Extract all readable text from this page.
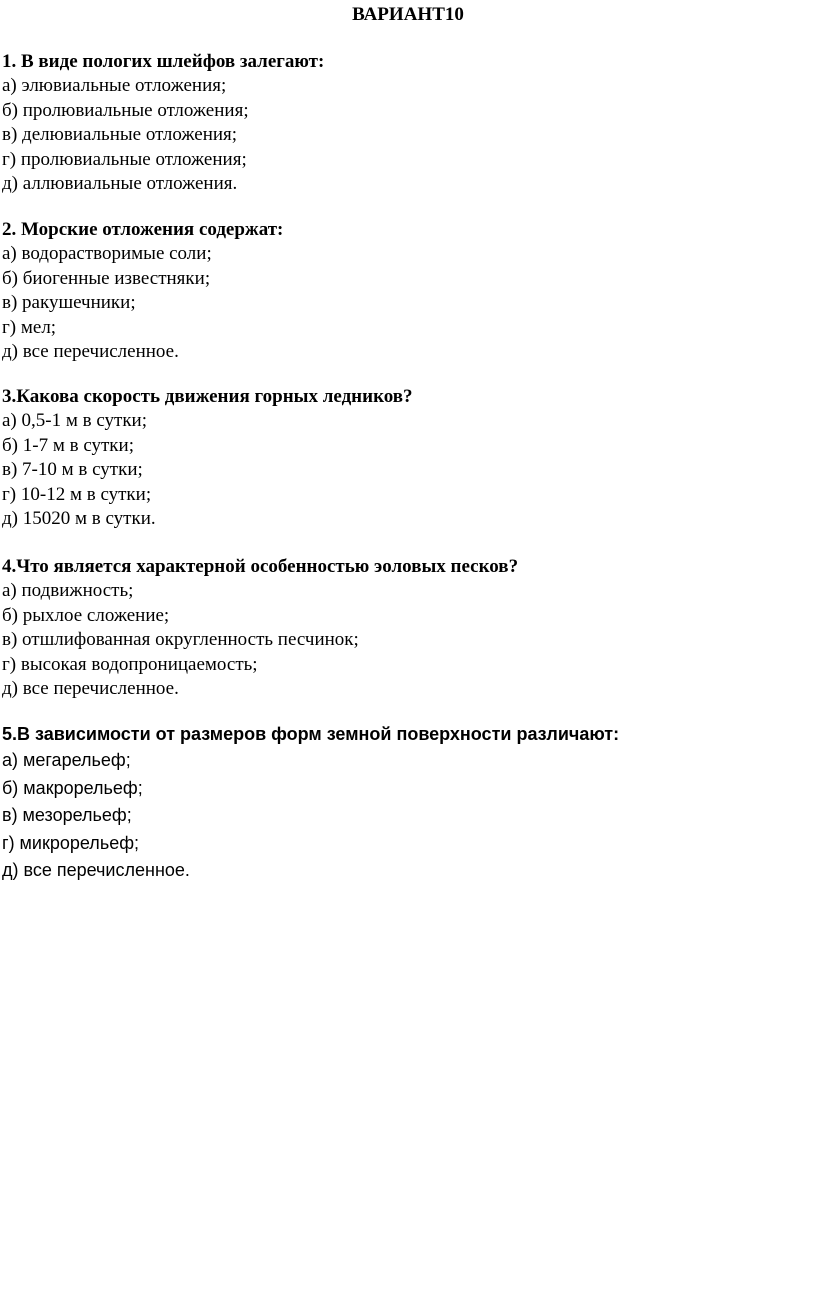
ВАРИАНТ10
1. В виде пологих шлейфов залегают:
а) элювиальные отложения;
б) пролювиальные отложения;
в) делювиальные отложения;
г) пролювиальные отложения;
д) аллювиальные отложения.
2. Морские отложения содержат:
а) водорастворимые соли;
б) биогенные известняки;
в) ракушечники;
г) мел;
д) все перечисленное.
3.Какова скорость движения горных ледников?
а) 0,5-1 м в сутки;
б) 1-7 м в сутки;
в) 7-10 м в сутки;
г) 10-12 м в сутки;
д) 15020 м в сутки.
4.Что является характерной особенностью эоловых песков?
а) подвижность;
б) рыхлое сложение;
в) отшлифованная округленность песчинок;
г) высокая водопроницаемость;
д) все перечисленное.
5.В зависимости от размеров форм земной поверхности различают:
а) мегарельеф;
б) макрорельеф;
в) мезорельеф;
г) микрорельеф;
д) все перечисленное.
